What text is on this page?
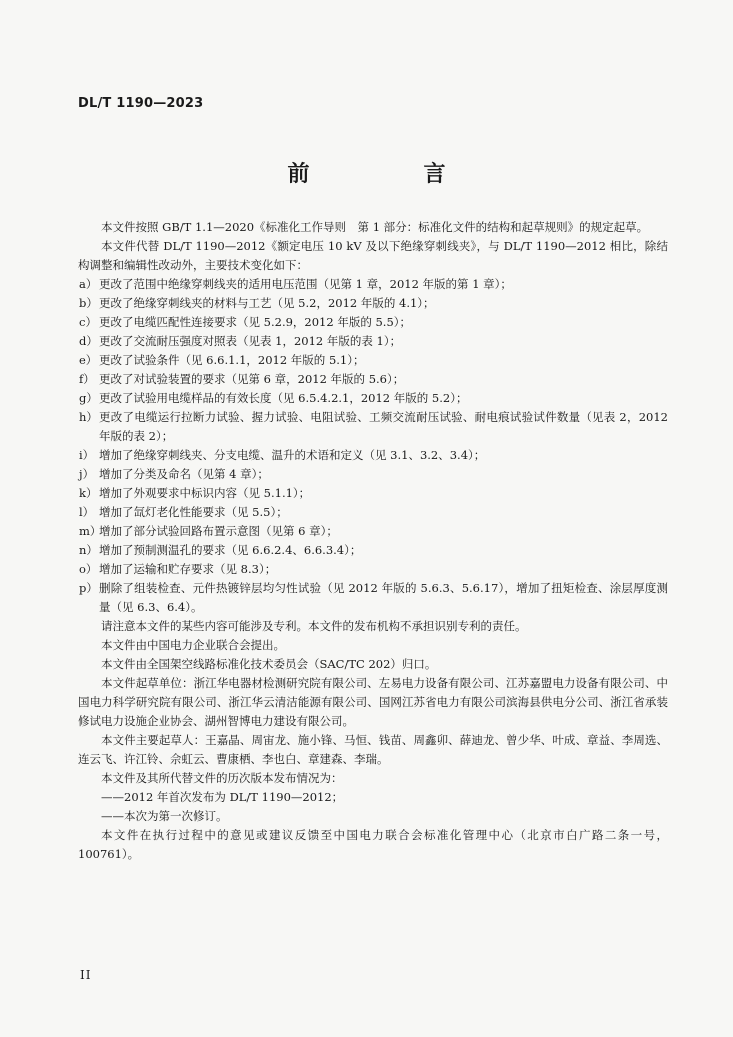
DL/T 1190—2023
前　言

本文件按照 GB/T 1.1—2020《标准化工作导则　第 1 部分：标准化文件的结构和起草规则》的规定起草。

本文件代替 DL/T 1190—2012《额定电压 10 kV 及以下绝缘穿刺线夹》，与 DL/T 1190—2012 相比，除结构调整和编辑性改动外，主要技术变化如下：

a） 更改了范围中绝缘穿刺线夹的适用电压范围（见第 1 章，2012 年版的第 1 章）；
b） 更改了绝缘穿刺线夹的材料与工艺（见 5.2，2012 年版的 4.1）；
c） 更改了电缆匹配性连接要求（见 5.2.9，2012 年版的 5.5）；
d） 更改了交流耐压强度对照表（见表 1，2012 年版的表 1）；
e） 更改了试验条件（见 6.6.1.1，2012 年版的 5.1）；
f） 更改了对试验装置的要求（见第 6 章，2012 年版的 5.6）；
g） 更改了试验用电缆样品的有效长度（见 6.5.4.2.1，2012 年版的 5.2）；
h） 更改了电缆运行拉断力试验、握力试验、电阻试验、工频交流耐压试验、耐电痕试验试件数量（见表 2，2012 年版的表 2）；
i） 增加了绝缘穿刺线夹、分支电缆、温升的术语和定义（见 3.1、3.2、3.4）；
j） 增加了分类及命名（见第 4 章）；
k） 增加了外观要求中标识内容（见 5.1.1）；
l） 增加了氙灯老化性能要求（见 5.5）；
m）
增加了部分试验回路布置示意图（见第 6 章）；
n） 增加了预制测温孔的要求（见 6.6.2.4、6.6.3.4）；
o） 增加了运输和贮存要求（见 8.3）；
p） 删除了组装检查、元件热镀锌层均匀性试验（见 2012 年版的 5.6.3、5.6.17），增加了扭矩检查、涂层厚度测量（见 6.3、6.4）。

请注意本文件的某些内容可能涉及专利。本文件的发布机构不承担识别专利的责任。

本文件由中国电力企业联合会提出。

本文件由全国架空线路标准化技术委员会（SAC/TC 202）归口。

本文件起草单位：浙江华电器材检测研究院有限公司、左易电力设备有限公司、江苏嘉盟电力设备有限公司、中国电力科学研究院有限公司、浙江华云清洁能源有限公司、国网江苏省电力有限公司滨海县供电分公司、浙江省承装修试电力设施企业协会、湖州智博电力建设有限公司。

本文件主要起草人：王嘉晶、周宙龙、施小锋、马恒、钱苗、周鑫卯、薛迪龙、曾少华、叶成、章益、李周选、连云飞、许江铃、佘虹云、曹康栖、李也白、章建森、李瑞。

本文件及其所代替文件的历次版本发布情况为：

——2012 年首次发布为 DL/T 1190—2012；

——本次为第一次修订。

本文件在执行过程中的意见或建议反馈至中国电力联合会标准化管理中心（北京市白广路二条一号，100761）。

II
